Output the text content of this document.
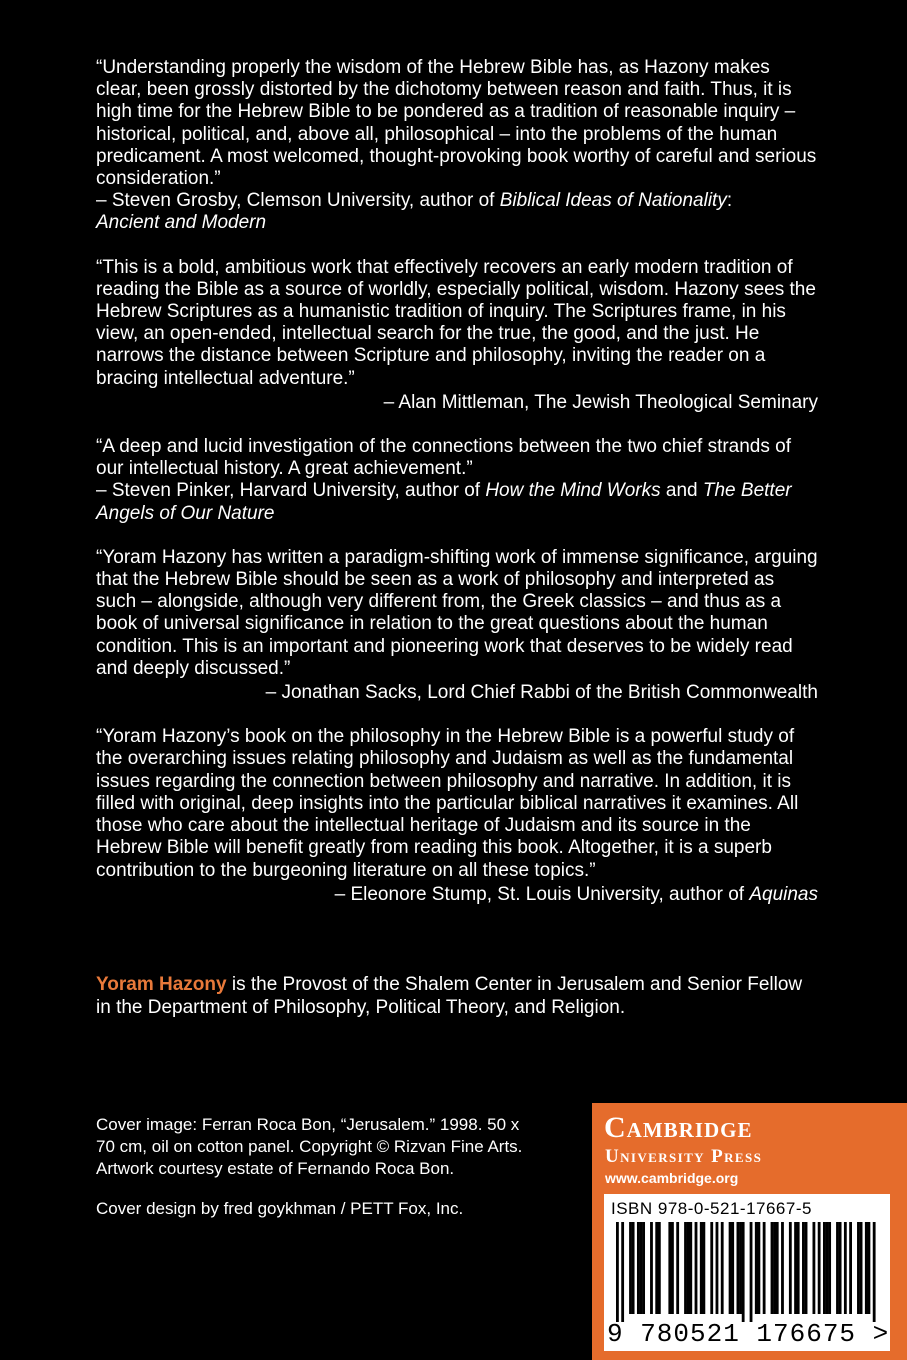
“Understanding properly the wisdom of the Hebrew Bible has, as Hazony makes clear, been grossly distorted by the dichotomy between reason and faith. Thus, it is high time for the Hebrew Bible to be pondered as a tradition of reasonable inquiry – historical, political, and, above all, philosophical – into the problems of the human predicament. A most welcomed, thought-provoking book worthy of careful and serious consideration.”

– Steven Grosby, Clemson University, author of Biblical Ideas of Nationality:
Ancient and Modern

“This is a bold, ambitious work that effectively recovers an early modern tradition of reading the Bible as a source of worldly, especially political, wisdom. Hazony sees the Hebrew Scriptures as a humanistic tradition of inquiry. The Scriptures frame, in his view, an open-ended, intellectual search for the true, the good, and the just. He narrows the distance between Scripture and philosophy, inviting the reader on a bracing intellectual adventure.”

– Alan Mittleman, The Jewish Theological Seminary

“A deep and lucid investigation of the connections between the two chief strands of our intellectual history. A great achievement.”

– Steven Pinker, Harvard University, author of How the Mind Works and The Better Angels of Our Nature

“Yoram Hazony has written a paradigm-shifting work of immense significance, arguing that the Hebrew Bible should be seen as a work of philosophy and interpreted as such – alongside, although very different from, the Greek classics – and thus as a book of universal significance in relation to the great questions about the human condition. This is an important and pioneering work that deserves to be widely read and deeply discussed.”

– Jonathan Sacks, Lord Chief Rabbi of the British Commonwealth

“Yoram Hazony’s book on the philosophy in the Hebrew Bible is a powerful study of the overarching issues relating philosophy and Judaism as well as the fundamental issues regarding the connection between philosophy and narrative. In addition, it is filled with original, deep insights into the particular biblical narratives it examines. All those who care about the intellectual heritage of Judaism and its source in the Hebrew Bible will benefit greatly from reading this book. Altogether, it is a superb contribution to the burgeoning literature on all these topics.”

– Eleonore Stump, St. Louis University, author of Aquinas

Yoram Hazony is the Provost of the Shalem Center in Jerusalem and Senior Fellow in the Department of Philosophy, Political Theory, and Religion.

Cover image: Ferran Roca Bon, “Jerusalem.” 1998. 50 x 70 cm, oil on cotton panel. Copyright © Rizvan Fine Arts. Artwork courtesy estate of Fernando Roca Bon.

Cover design by fred goykhman / PETT Fox, Inc.

Cambridge
University Press
www.cambridge.org
ISBN 978-0-521-17667-5
9 780521 176675 >
